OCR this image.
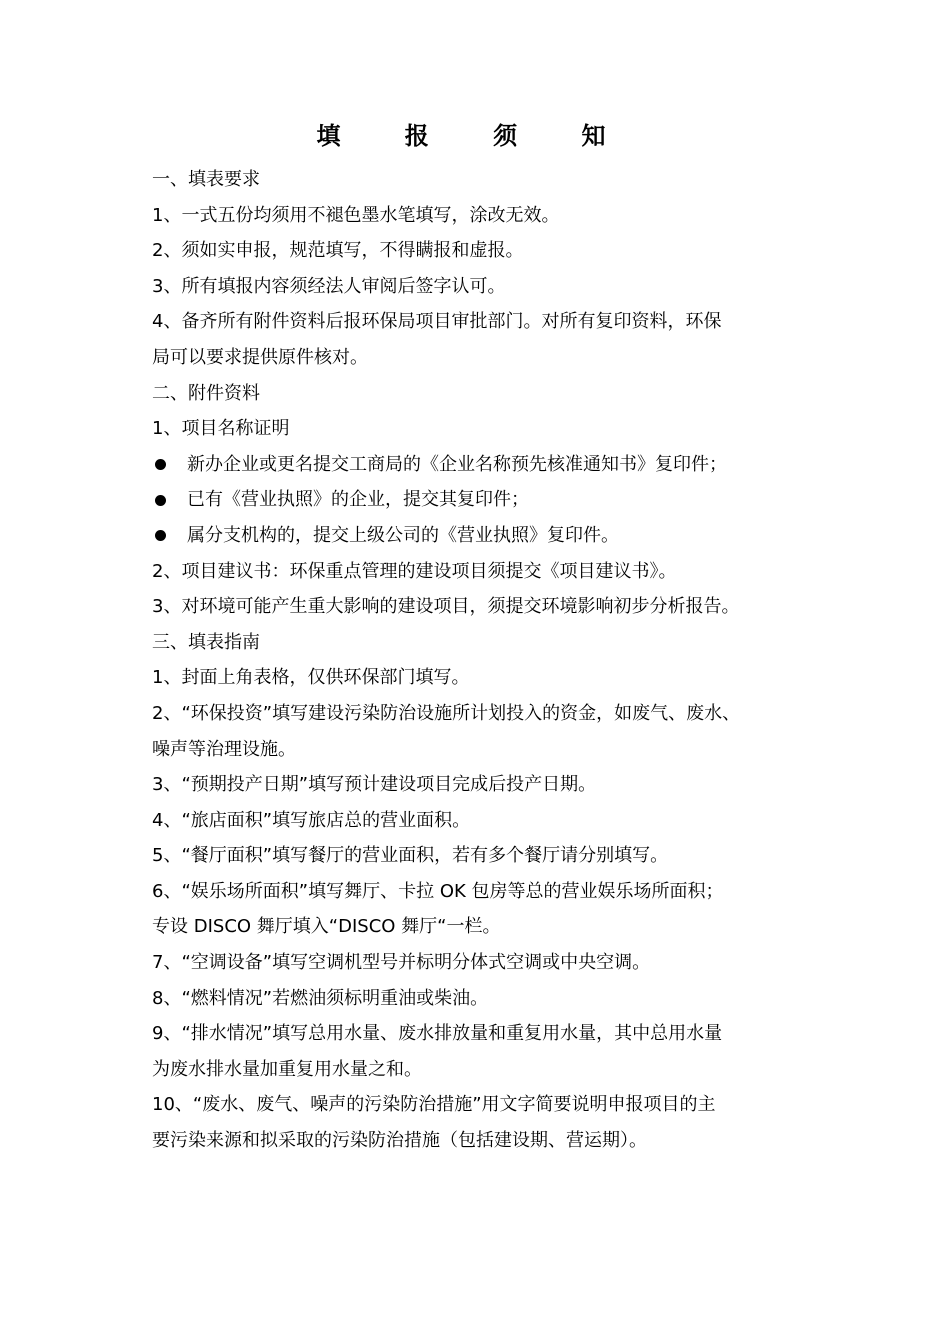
填 报 须 知
一、填表要求
1、一式五份均须用不褪色墨水笔填写，涂改无效。
2、须如实申报，规范填写，不得瞒报和虚报。
3、所有填报内容须经法人审阅后签字认可。
4、备齐所有附件资料后报环保局项目审批部门。对所有复印资料，环保
局可以要求提供原件核对。
二、附件资料
1、项目名称证明
新办企业或更名提交工商局的《企业名称预先核准通知书》复印件；
已有《营业执照》的企业，提交其复印件；
属分支机构的，提交上级公司的《营业执照》复印件。
2、项目建议书：环保重点管理的建设项目须提交《项目建议书》。
3、对环境可能产生重大影响的建设项目，须提交环境影响初步分析报告。
三、填表指南
1、封面上角表格，仅供环保部门填写。
2、“环保投资”填写建设污染防治设施所计划投入的资金，如废气、废水、
噪声等治理设施。
3、“预期投产日期”填写预计建设项目完成后投产日期。
4、“旅店面积”填写旅店总的营业面积。
5、“餐厅面积”填写餐厅的营业面积，若有多个餐厅请分别填写。
6、“娱乐场所面积”填写舞厅、卡拉 OK 包房等总的营业娱乐场所面积；
专设 DISCO 舞厅填入“DISCO 舞厅“一栏。
7、“空调设备”填写空调机型号并标明分体式空调或中央空调。
8、“燃料情况”若燃油须标明重油或柴油。
9、“排水情况”填写总用水量、废水排放量和重复用水量，其中总用水量
为废水排水量加重复用水量之和。
10、“废水、废气、噪声的污染防治措施”用文字简要说明申报项目的主
要污染来源和拟采取的污染防治措施（包括建设期、营运期）。
